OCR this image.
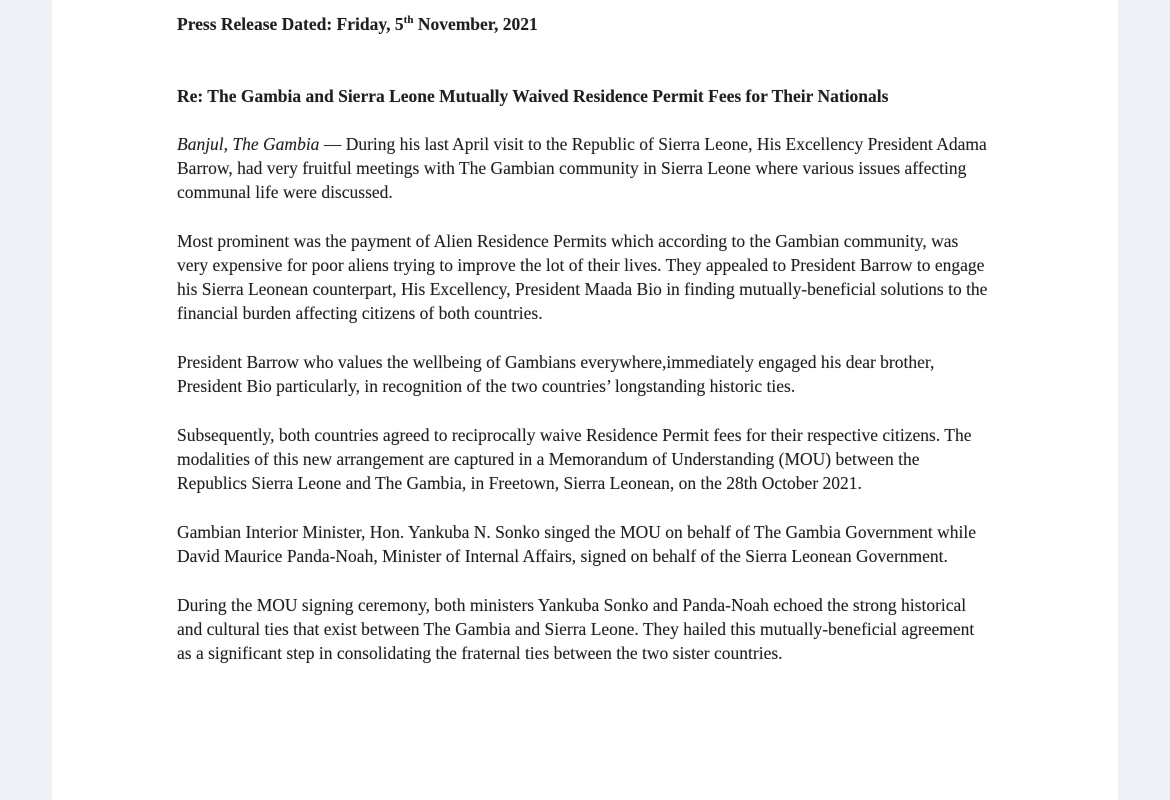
Press Release Dated: Friday, 5th November, 2021

Re: The Gambia and Sierra Leone Mutually Waived Residence Permit Fees for Their Nationals

Banjul, The Gambia — During his last April visit to the Republic of Sierra Leone, His Excellency President Adama Barrow, had very fruitful meetings with The Gambian community in Sierra Leone where various issues affecting communal life were discussed.

Most prominent was the payment of Alien Residence Permits which according to the Gambian community, was very expensive for poor aliens trying to improve the lot of their lives. They appealed to President Barrow to engage his Sierra Leonean counterpart, His Excellency, President Maada Bio in finding mutually-beneficial solutions to the financial burden affecting citizens of both countries.

President Barrow who values the wellbeing of Gambians everywhere,immediately engaged his dear brother, President Bio particularly, in recognition of the two countries’ longstanding historic ties.

Subsequently, both countries agreed to reciprocally waive Residence Permit fees for their respective citizens. The modalities of this new arrangement are captured in a Memorandum of Understanding (MOU) between the Republics Sierra Leone and The Gambia, in Freetown, Sierra Leonean, on the 28th October 2021.

Gambian Interior Minister, Hon. Yankuba N. Sonko singed the MOU on behalf of The Gambia Government while David Maurice Panda-Noah, Minister of Internal Affairs, signed on behalf of the Sierra Leonean Government.

During the MOU signing ceremony, both ministers Yankuba Sonko and Panda-Noah echoed the strong historical and cultural ties that exist between The Gambia and Sierra Leone. They hailed this mutually-beneficial agreement as a significant step in consolidating the fraternal ties between the two sister countries.
